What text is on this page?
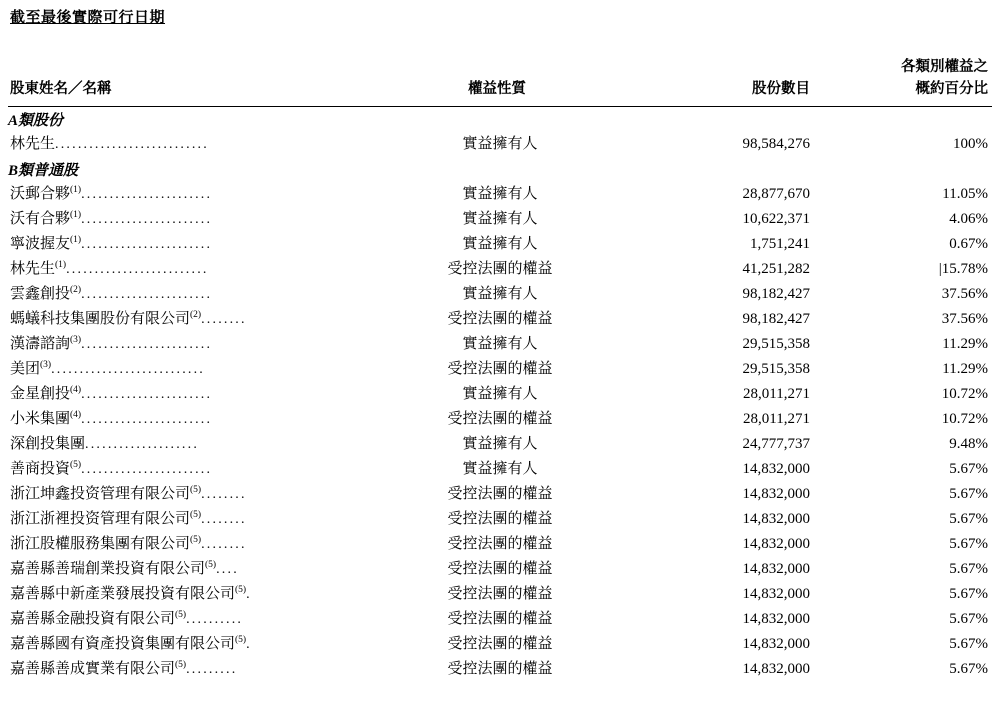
截至最後實際可行日期
股東姓名／名稱	權益性質	股份數目	各類別權益之
概約百分比

A類股份			
林先生...........................	實益擁有人	98,584,276	100%
B類普通股			
沃郵合夥$^{(1)}$.......................	實益擁有人	28,877,670	11.05%
沃有合夥$^{(1)}$.......................	實益擁有人	10,622,371	4.06%
寧波握友$^{(1)}$.......................	實益擁有人	1,751,241	0.67%
林先生$^{(1)}$.........................	受控法團的權益	41,251,282	|15.78%
雲鑫創投$^{(2)}$.......................	實益擁有人	98,182,427	37.56%
螞蟻科技集團股份有限公司$^{(2)}$........	受控法團的權益	98,182,427	37.56%
漢濤諮詢$^{(3)}$.......................	實益擁有人	29,515,358	11.29%
美团$^{(3)}$...........................	受控法團的權益	29,515,358	11.29%
金星創投$^{(4)}$.......................	實益擁有人	28,011,271	10.72%
小米集團$^{(4)}$.......................	受控法團的權益	28,011,271	10.72%
深創投集團....................	實益擁有人	24,777,737	9.48%
善商投資$^{(5)}$.......................	實益擁有人	14,832,000	5.67%
浙江坤鑫投资管理有限公司$^{(5)}$........	受控法團的權益	14,832,000	5.67%
浙江浙裡投资管理有限公司$^{(5)}$........	受控法團的權益	14,832,000	5.67%
浙江股權服務集團有限公司$^{(5)}$........	受控法團的權益	14,832,000	5.67%
嘉善縣善瑞創業投資有限公司$^{(5)}$....	受控法團的權益	14,832,000	5.67%
嘉善縣中新產業發展投資有限公司$^{(5)}$.	受控法團的權益	14,832,000	5.67%
嘉善縣金融投資有限公司$^{(5)}$..........	受控法團的權益	14,832,000	5.67%
嘉善縣國有資產投資集團有限公司$^{(5)}$.	受控法團的權益	14,832,000	5.67%
嘉善縣善成實業有限公司$^{(5)}$.........	受控法團的權益	14,832,000	5.67%
